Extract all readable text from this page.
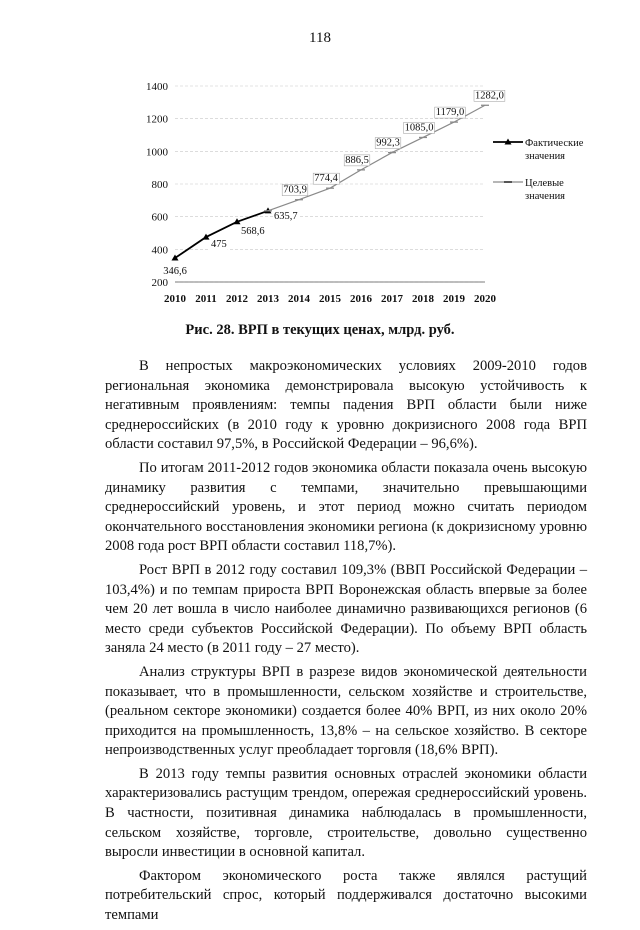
118
200
400
600
800
1000
1200
1400
2010 2011 2012 2013 2014 2015 2016 2017 2018 2019 2020
346,6
475
568,6
635,7
703,9
774,4
886,5
992,3
1085,0
1179,0
1282,0
Фактические
значения
Целевые
значения
Рис. 28. ВРП в текущих ценах, млрд. руб.

В непростых макроэкономических условиях 2009-2010 годов региональная экономика демонстрировала высокую устойчивость к негативным проявлениям: темпы падения ВРП области были ниже среднероссийских (в 2010 году к уровню докризисного 2008 года ВРП области составил 97,5%, в Российской Федерации – 96,6%).

По итогам 2011-2012 годов экономика области показала очень высокую динамику развития с темпами, значительно превышающими среднероссийский уровень, и этот период можно считать периодом окончательного восстановления экономики региона (к докризисному уровню 2008 года рост ВРП области составил 118,7%).

Рост ВРП в 2012 году составил 109,3% (ВВП Российской Федерации – 103,4%) и по темпам прироста ВРП Воронежская область впервые за более чем 20 лет вошла в число наиболее динамично развивающихся регионов (6 место среди субъектов Российской Федерации). По объему ВРП область заняла 24 место (в 2011 году – 27 место).

Анализ структуры ВРП в разрезе видов экономической деятельности показывает, что в промышленности, сельском хозяйстве и строительстве, (реальном секторе экономики) создается более 40% ВРП, из них около 20% приходится на промышленность, 13,8% – на сельское хозяйство. В секторе непроизводственных услуг преобладает торговля (18,6% ВРП).

В 2013 году темпы развития основных отраслей экономики области характеризовались растущим трендом, опережая среднероссийский уровень. В частности, позитивная динамика наблюдалась в промышленности, сельском хозяйстве, торговле, строительстве, довольно существенно выросли инвестиции в основной капитал.

Фактором экономического роста также являлся растущий потребительский спрос, который поддерживался достаточно высокими темпами
